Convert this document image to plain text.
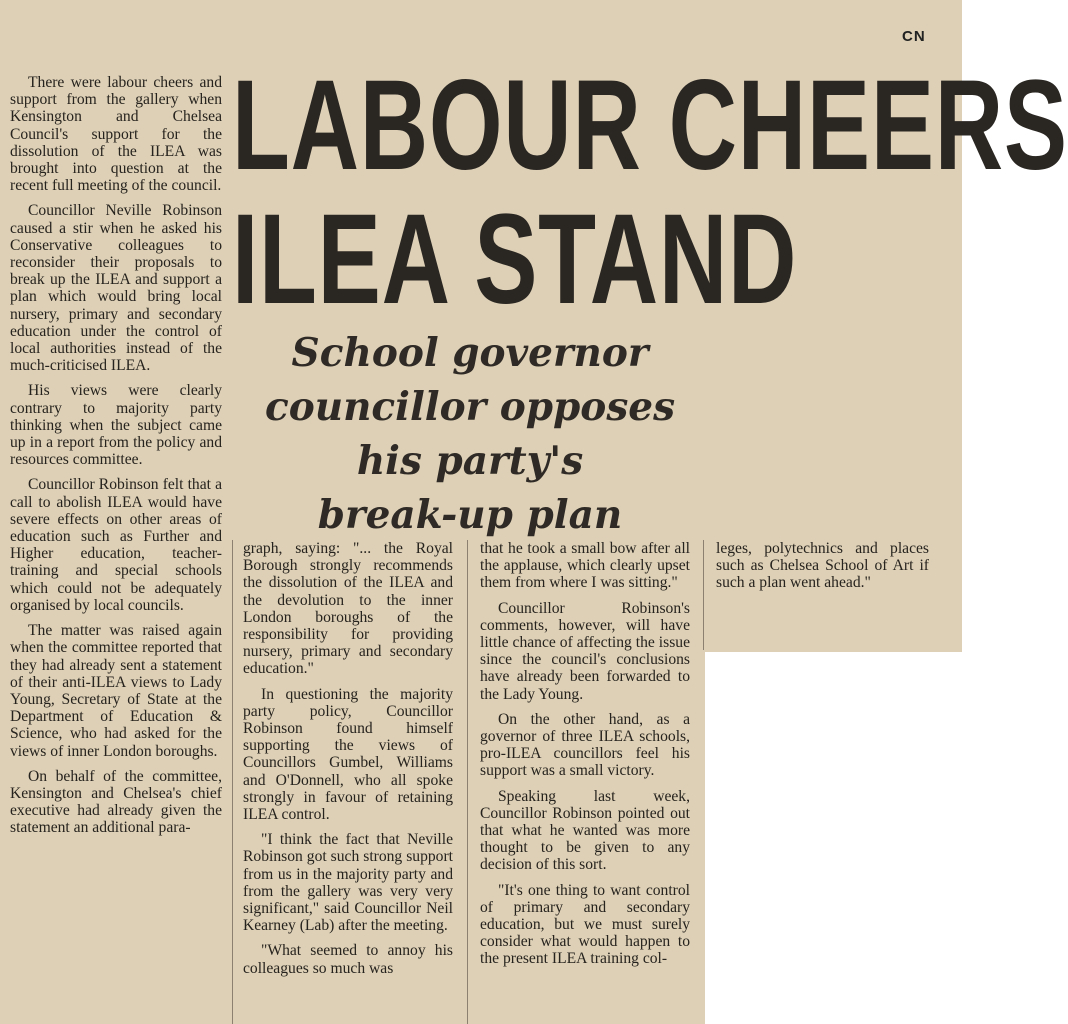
CN
LABOUR CHEERS
ILEA STAND
School governor
councillor opposes
his party's
break-up plan

There were labour cheers and support from the gallery when Kensington and Chelsea Council's support for the dissolution of the ILEA was brought into question at the recent full meeting of the council.

Councillor Neville Robinson caused a stir when he asked his Conservative colleagues to reconsider their proposals to break up the ILEA and support a plan which would bring local nursery, primary and secondary education under the control of local authorities instead of the much-criticised ILEA.

His views were clearly contrary to majority party thinking when the subject came up in a report from the policy and resources committee.

Councillor Robinson felt that a call to abolish ILEA would have severe effects on other areas of education such as Further and Higher education, teacher-training and special schools which could not be adequately organised by local councils.

The matter was raised again when the committee reported that they had already sent a statement of their anti-ILEA views to Lady Young, Secretary of State at the Department of Education & Science, who had asked for the views of inner London boroughs.

On behalf of the committee, Kensington and Chelsea's chief executive had already given the statement an additional para-

graph, saying: "... the Royal Borough strongly recommends the dissolution of the ILEA and the devolution to the inner London boroughs of the responsibility for providing nursery, primary and secondary education."

In questioning the majority party policy, Councillor Robinson found himself supporting the views of Councillors Gumbel, Williams and O'Donnell, who all spoke strongly in favour of retaining ILEA control.

"I think the fact that Neville Robinson got such strong support from us in the majority party and from the gallery was very very significant," said Councillor Neil Kearney (Lab) after the meeting.

"What seemed to annoy his colleagues so much was

that he took a small bow after all the applause, which clearly upset them from where I was sitting."

Councillor Robinson's comments, however, will have little chance of affecting the issue since the council's conclusions have already been forwarded to the Lady Young.

On the other hand, as a governor of three ILEA schools, pro-ILEA councillors feel his support was a small victory.

Speaking last week, Councillor Robinson pointed out that what he wanted was more thought to be given to any decision of this sort.

"It's one thing to want control of primary and secondary education, but we must surely consider what would happen to the present ILEA training col-

leges, polytechnics and places such as Chelsea School of Art if such a plan went ahead."
